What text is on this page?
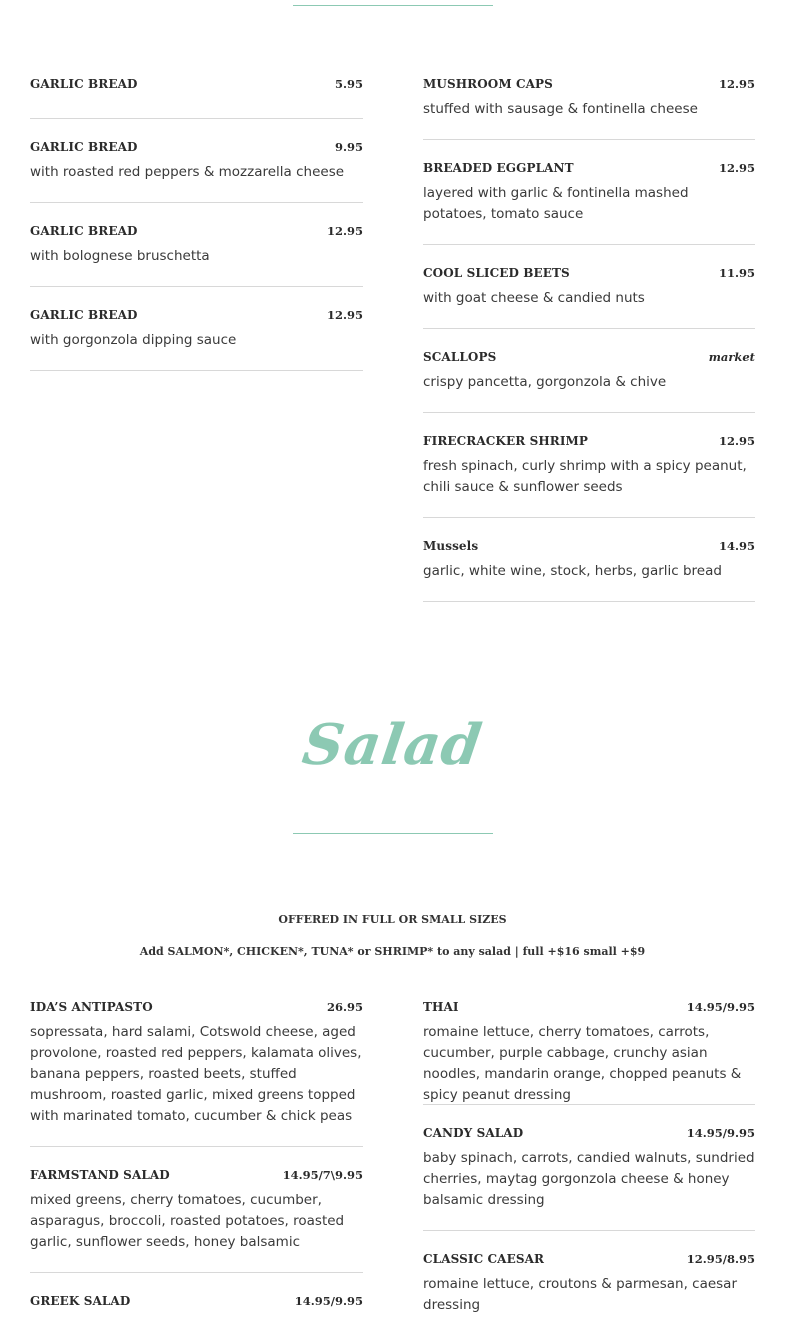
GARLIC BREAD	5.95
GARLIC BREAD	9.95
with roasted red peppers & mozzarella cheese
GARLIC BREAD	12.95
with bolognese bruschetta
GARLIC BREAD	12.95
with gorgonzola dipping sauce
MUSHROOM CAPS	12.95
stuffed with sausage & fontinella cheese
BREADED EGGPLANT	12.95
layered with garlic & fontinella mashed potatoes, tomato sauce
COOL SLICED BEETS	11.95
with goat cheese & candied nuts
SCALLOPS	market
crispy pancetta, gorgonzola & chive
FIRECRACKER SHRIMP	12.95
fresh spinach, curly shrimp with a spicy peanut, chili sauce & sunflower seeds
Mussels	14.95
garlic, white wine, stock, herbs, garlic bread
Salad
OFFERED IN FULL OR SMALL SIZES
Add SALMON*, CHICKEN*, TUNA* or SHRIMP* to any salad | full +$16 small +$9
IDA’S ANTIPASTO	26.95
sopressata, hard salami, Cotswold cheese, aged provolone, roasted red peppers, kalamata olives, banana peppers, roasted beets, stuffed mushroom, roasted garlic, mixed greens topped with marinated tomato, cucumber & chick peas
FARMSTAND SALAD	14.95/7\9.95
mixed greens, cherry tomatoes, cucumber, asparagus, broccoli, roasted potatoes, roasted garlic, sunflower seeds, honey balsamic
GREEK SALAD	14.95/9.95
THAI	14.95/9.95
romaine lettuce, cherry tomatoes, carrots, cucumber, purple cabbage, crunchy asian noodles, mandarin orange, chopped peanuts & spicy peanut dressing
CANDY SALAD	14.95/9.95
baby spinach, carrots, candied walnuts, sundried cherries, maytag gorgonzola cheese & honey balsamic dressing
CLASSIC CAESAR	12.95/8.95
romaine lettuce, croutons & parmesan, caesar dressing
